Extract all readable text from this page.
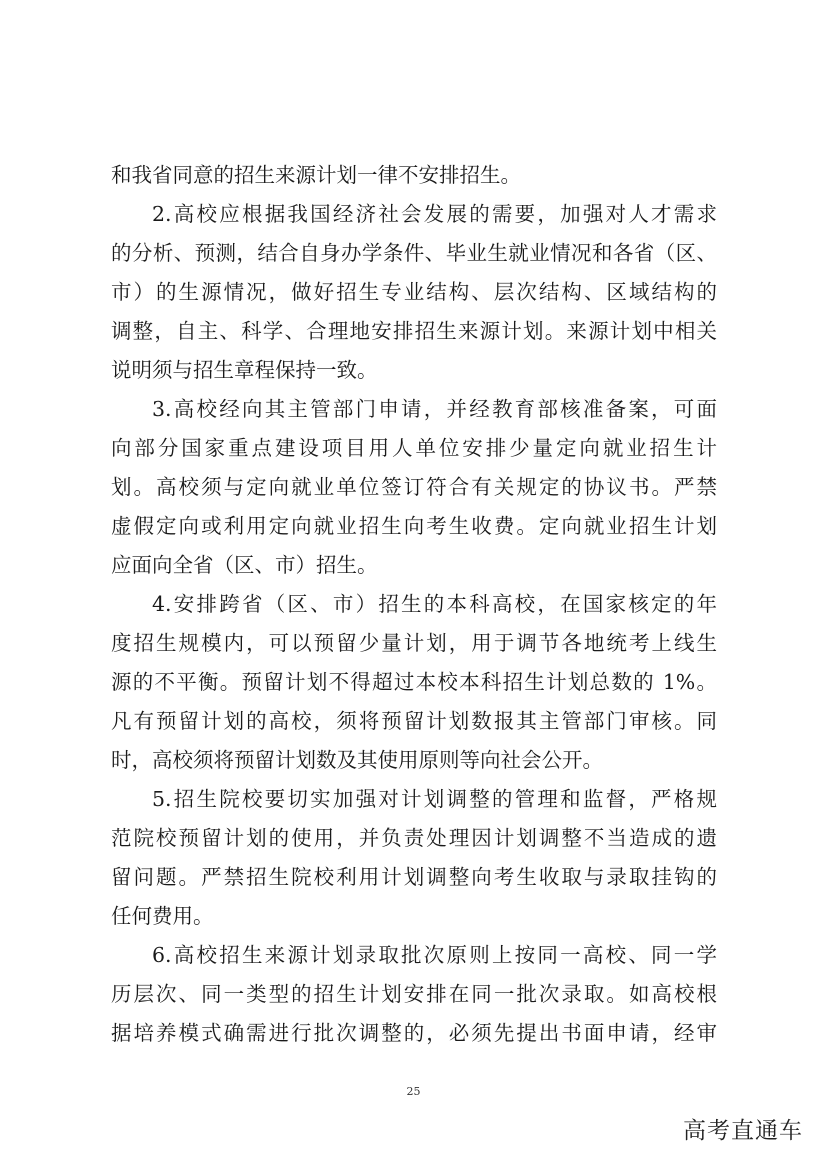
和我省同意的招生来源计划一律不安排招生。
2.高校应根据我国经济社会发展的需要，加强对人才需求
的分析、预测，结合自身办学条件、毕业生就业情况和各省（区、
市）的生源情况，做好招生专业结构、层次结构、区域结构的
调整，自主、科学、合理地安排招生来源计划。来源计划中相关
说明须与招生章程保持一致。
3.高校经向其主管部门申请，并经教育部核准备案，可面
向部分国家重点建设项目用人单位安排少量定向就业招生计
划。高校须与定向就业单位签订符合有关规定的协议书。严禁
虚假定向或利用定向就业招生向考生收费。定向就业招生计划
应面向全省（区、市）招生。
4.安排跨省（区、市）招生的本科高校，在国家核定的年
度招生规模内，可以预留少量计划，用于调节各地统考上线生
源的不平衡。预留计划不得超过本校本科招生计划总数的 1%。
凡有预留计划的高校，须将预留计划数报其主管部门审核。同
时，高校须将预留计划数及其使用原则等向社会公开。
5.招生院校要切实加强对计划调整的管理和监督，严格规
范院校预留计划的使用，并负责处理因计划调整不当造成的遗
留问题。严禁招生院校利用计划调整向考生收取与录取挂钩的
任何费用。
6.高校招生来源计划录取批次原则上按同一高校、同一学
历层次、同一类型的招生计划安排在同一批次录取。如高校根
据培养模式确需进行批次调整的，必须先提出书面申请，经审
25
高考直通车
